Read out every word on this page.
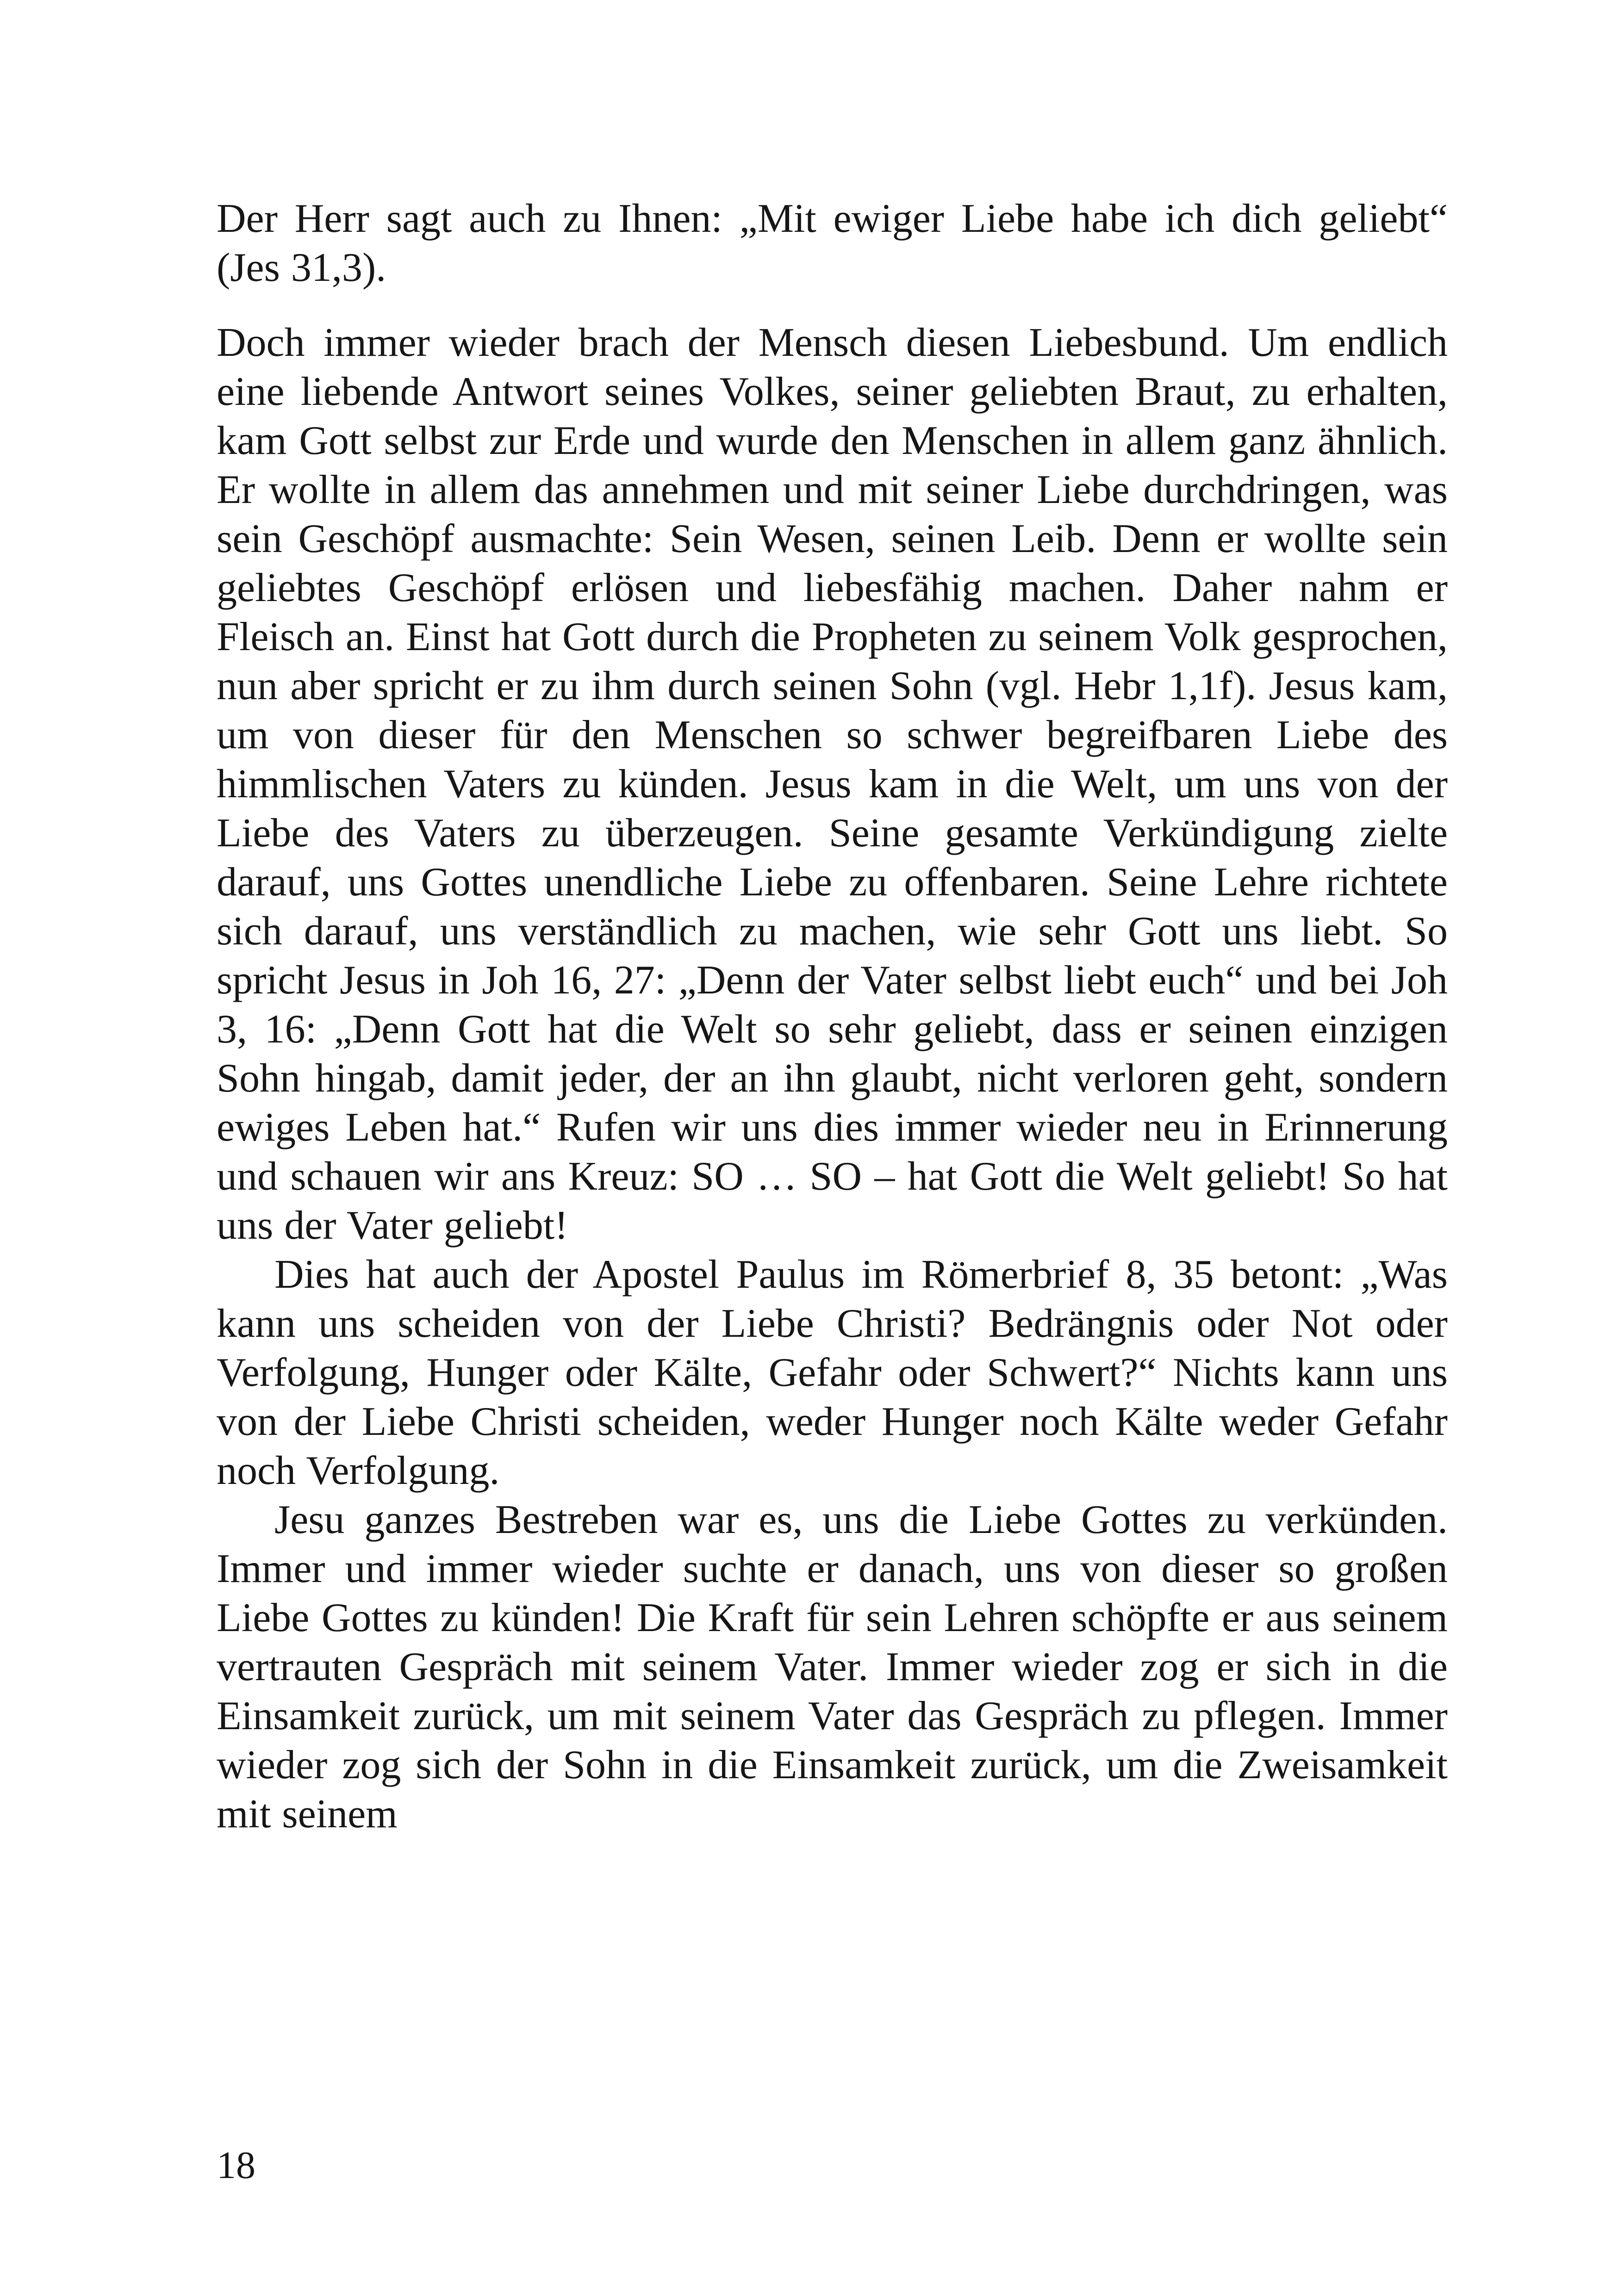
Der Herr sagt auch zu Ihnen: „Mit ewiger Liebe habe ich dich geliebt“ (Jes 31,3).

Doch immer wieder brach der Mensch diesen Liebesbund. Um endlich eine liebende Antwort seines Volkes, seiner geliebten Braut, zu erhalten, kam Gott selbst zur Erde und wurde den Menschen in allem ganz ähnlich. Er wollte in allem das annehmen und mit seiner Liebe durchdringen, was sein Geschöpf ausmachte: Sein Wesen, seinen Leib. Denn er wollte sein geliebtes Geschöpf erlösen und liebesfähig machen. Daher nahm er Fleisch an. Einst hat Gott durch die Propheten zu seinem Volk gesprochen, nun aber spricht er zu ihm durch seinen Sohn (vgl. Hebr 1,1f). Jesus kam, um von dieser für den Menschen so schwer begreifbaren Liebe des himmlischen Vaters zu künden. Jesus kam in die Welt, um uns von der Liebe des Vaters zu überzeugen. Seine gesamte Verkündigung zielte darauf, uns Gottes unendliche Liebe zu offenbaren. Seine Lehre richtete sich darauf, uns verständlich zu machen, wie sehr Gott uns liebt. So spricht Jesus in Joh 16, 27: „Denn der Vater selbst liebt euch“ und bei Joh 3, 16: „Denn Gott hat die Welt so sehr geliebt, dass er seinen einzigen Sohn hingab, damit jeder, der an ihn glaubt, nicht verloren geht, sondern ewiges Leben hat.“ Rufen wir uns dies immer wieder neu in Erinnerung und schauen wir ans Kreuz: SO … SO – hat Gott die Welt geliebt! So hat uns der Vater geliebt!

Dies hat auch der Apostel Paulus im Römerbrief 8, 35 betont: „Was kann uns scheiden von der Liebe Christi? Bedrängnis oder Not oder Verfolgung, Hunger oder Kälte, Gefahr oder Schwert?“ Nichts kann uns von der Liebe Christi scheiden, weder Hunger noch Kälte weder Gefahr noch Verfolgung.

Jesu ganzes Bestreben war es, uns die Liebe Gottes zu verkünden. Immer und immer wieder suchte er danach, uns von dieser so großen Liebe Gottes zu künden! Die Kraft für sein Lehren schöpfte er aus seinem vertrauten Gespräch mit seinem Vater. Immer wieder zog er sich in die Einsamkeit zurück, um mit seinem Vater das Gespräch zu pflegen. Immer wieder zog sich der Sohn in die Einsamkeit zurück, um die Zweisamkeit mit seinem

18
